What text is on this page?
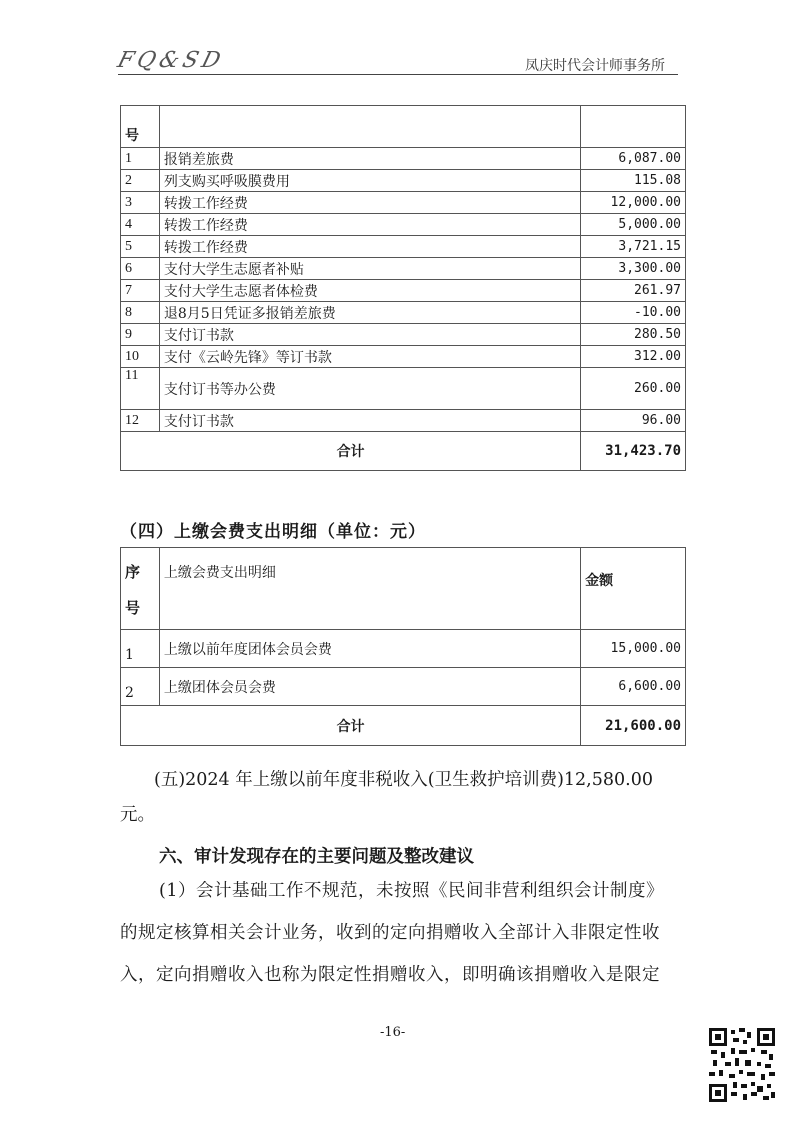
FQ&SD	凤庆时代会计师事务所
号		
1	报销差旅费	6,087.00
2	列支购买呼吸膜费用	115.08
3	转拨工作经费	12,000.00
4	转拨工作经费	5,000.00
5	转拨工作经费	3,721.15
6	支付大学生志愿者补贴	3,300.00
7	支付大学生志愿者体检费	261.97
8	退8月5日凭证多报销差旅费	-10.00
9	支付订书款	280.50
10	支付《云岭先锋》等订书款	312.00
11	支付订书等办公费	260.00
12	支付订书款	96.00
合计		31,423.70
（四）上缴会费支出明细（单位：元）
序
号	上缴会费支出明细	金额
1	上缴以前年度团体会员会费	15,000.00
2	上缴团体会员会费	6,600.00
合计		21,600.00
(五)2024 年上缴以前年度非税收入(卫生救护培训费)12,580.00
元。
六、审计发现存在的主要问题及整改建议
(1）会计基础工作不规范，未按照《民间非营利组织会计制度》
的规定核算相关会计业务，收到的定向捐赠收入全部计入非限定性收
入，定向捐赠收入也称为限定性捐赠收入，即明确该捐赠收入是限定
-16-
